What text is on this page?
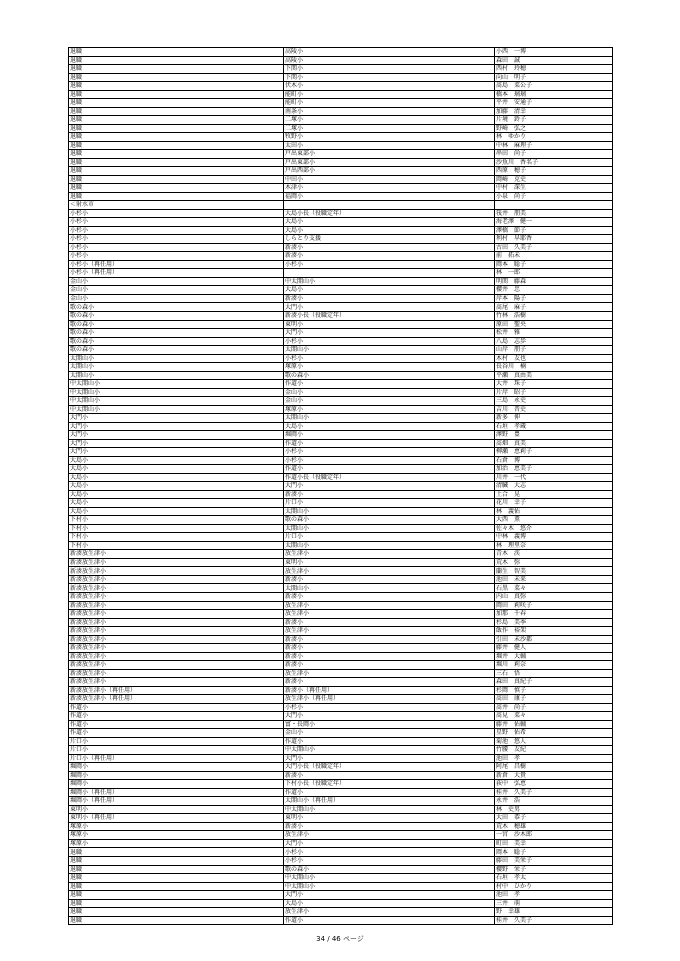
退職	高陵小	小西　一博
退職	高陵小	森田　誠
退職	下関小	西村　玲穂
退職	下関小	向山　明子
退職	伏木小	髙島　菜公子
退職	能町小	橋本　璃璃
退職	能町小	平井　安通子
退職	南条小	加藤　清幸
退職	二塚小	片境　鈴子
退職	二塚小	野崎　弘之
退職	牧野小	林　ゆかり
退職	太田小	中林　麻理子
退職	戸出東部小	串田　尚子
退職	戸出東部小	沙魚川　香名子
退職	戸出西部小	西原　穂子
退職	中田小	岡崎　克史
退職	木津小	中村　深生
退職	福岡小	小泉　尚子
＜射水市		
小杉小	大島小長（役職定年）	筏井　朋美
小杉小	大島小	海老澤　健一
小杉小	大島小	澤橋　節子
小杉小	しらとり支援	利村　早耶香
小杉小	新湊小	古田　久美子
小杉小	新湊小	前　拓未
小杉小（再任用）	小杉小	岡本　聡子
小杉小（再任用）		林　一郎
金山小	中太閤山小	明関　藤森
金山小	大島小	櫻井　忠
金山小	新湊小	岸本　陽子
歌の森小	大門小	髙尾　麻子
歌の森小	新湊小長（役職定年）	竹林　浩樹
歌の森小	東明小	原田　聖央
歌の森小	大門小	松井　雅
歌の森小	小杉小	八島　志歩
歌の森小	太閤山小	山岸　朋子
太閤山小	小杉小	木村　友也
太閤山小	塚原小	長谷川　楠
太閤山小	歌の森小	平瀬　真由美
中太閤山小	作道小	大井　珠子
中太閤山小	金山小	片岸　昭子
中太閤山小	金山小	三島　永史
中太閤山小	塚原小	吉川　晋史
大門小	太閤山小	新多　伸
大門小	大島小	石垣　孝蔵
大門小	堀岡小	澤野　豊
大門小	作道小	髙畑　真美
大門小	小杉小	柳瀬　恵莉子
大島小	小杉小	石倉　博
大島小	作道小	加治　恵美子
大島小	作道小長（役職定年）	川井　一代
大島小	大門小	清臓　大志
大島小	新湊小	土合　晃
大島小	片口小	花川　幸子
大島小	太閤山小	林　義佑
下村小	歌の森小	大西　薫
下村小	太閤山小	佐々木　悠介
下村小	片口小	中林　義博
下村小	太閤山小	林　理里奈
新湊放生津小	放生津小	青木　渓
新湊放生津小	東明小	荒木　弥
新湊放生津小	放生津小	蘭生　智美
新湊放生津小	新湊小	池田　未来
新湊放生津小	太閤山小	石黒　菜々
新湊放生津小	新湊小	内山　真弥
新湊放生津小	放生津小	岡田　莉咲子
新湊放生津小	放生津小	加那　千春
新湊放生津小	新湊小	杉島　美季
新湊放生津小	放生津小	飯作　裕架
新湊放生津小	新湊小	引田　未沙都
新湊放生津小	新湊小	藤井　健人
新湊放生津小	新湊小	堀井　大輔
新湊放生津小	新湊小	堀川　莉奈
新湊放生津小	放生津小	三石　悟
新湊放生津小	新湊小	森田　真紀子
新湊放生津小（再任用）	新湊小（再任用）	杉岡　慎子
新湊放生津小（再任用）	放生津小（再任用）	髙田　康子
作道小	小杉小	髙井　尚子
作道小	大門小	髙見　菜々
作道小	富・長岡小	藤井　佑輔
作道小	金山小	星野　佑希
片口小	作道小	菊池　悠人
片口小	中太閤山小	竹腰　友紀
片口小（再任用）	大門小	池田　孝
堀岡小	大門小長（役職定年）	阿尾　昌樹
堀岡小	新湊小	新倉　大貴
堀岡小	下村小長（役職定年）	荻中　弘恵
堀岡小（再任用）	作道小	桂井　久美子
堀岡小（再任用）	太閤山小（再任用）	永井　浩
東明小	中太閤山小	林　史男
東明小（再任用）	東明小	大田　恭子
塚原小	新湊小	荒木　穂雄
塚原小	放生津小	一宮　沙木郎
塚原小	大門小	町田　美幸
退職	小杉小	岡本　聡子
退職	小杉小	藤田　美栄子
退職	歌の森小	櫻野　栄子
退職	中太閤山小	石垣　孝太
退職	中太閤山小	村中　ひかり
退職	大門小	池田　孝
退職	大島小	三井　萌
退職	放生津小	野　幸雄
退職	作道小	桂井　久美子
34 / 46 ページ
